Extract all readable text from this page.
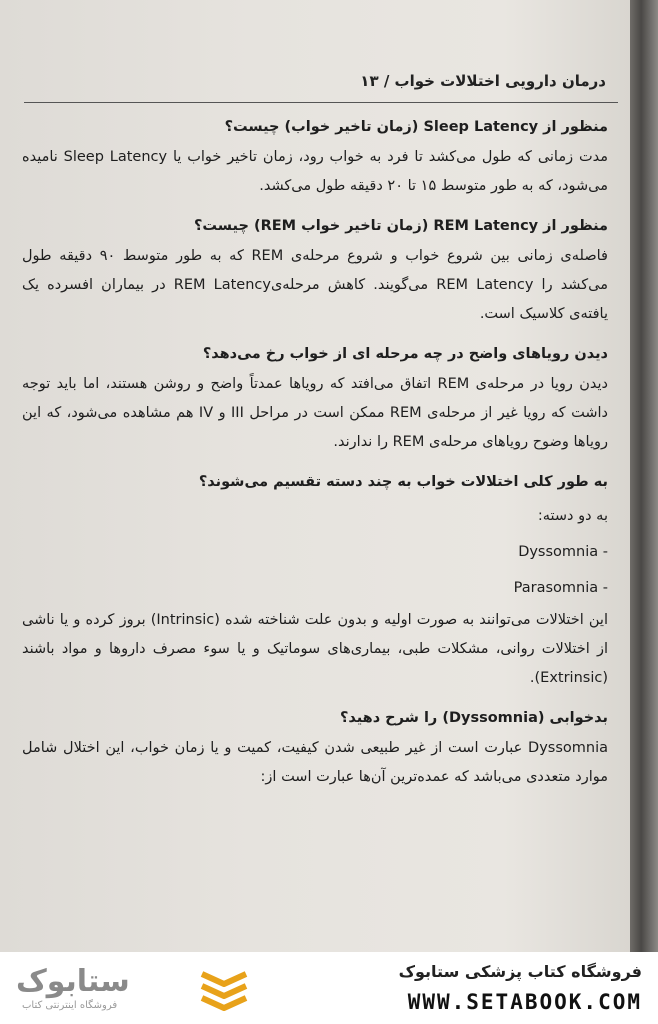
درمان دارویی اختلالات خواب / ۱۳

منظور از Sleep Latency (زمان تاخیر خواب) چیست؟

مدت زمانی که طول می‌کشد تا فرد به خواب رود، زمان تاخیر خواب یا Sleep Latency نامیده می‌شود، که به طور متوسط ۱۵ تا ۲۰ دقیقه طول می‌کشد.

منظور از REM Latency (زمان تاخیر خواب REM) چیست؟

فاصله‌ی زمانی بین شروع خواب و شروع مرحله‌ی REM که به طور متوسط ۹۰ دقیقه طول می‌کشد را REM Latency می‌گویند. کاهش مرحله‌یREM Latency در بیماران افسرده یک یافته‌ی کلاسیک است.

دیدن رویاهای واضح در چه مرحله ای از خواب رخ می‌دهد؟

دیدن رویا در مرحله‌ی REM اتفاق می‌افتد که رویاها عمدتاً واضح و روشن هستند، اما باید توجه داشت که رویا غیر از مرحله‌ی REM ممکن است در مراحل III و IV هم مشاهده می‌شود، که این رویاها وضوح رویاهای مرحله‌ی REM را ندارند.

به طور کلی اختلالات خواب به چند دسته تقسیم می‌شوند؟

به دو دسته:

- Dyssomnia

- Parasomnia

این اختلالات می‌توانند به صورت اولیه و بدون علت شناخته شده (Intrinsic) بروز کرده و یا ناشی از اختلالات روانی، مشکلات طبی، بیماری‌های سوماتیک و یا سوء مصرف داروها و مواد باشند (Extrinsic).

بدخوابی (Dyssomnia) را شرح دهید؟

Dyssomnia عبارت است از غیر طبیعی شدن کیفیت، کمیت و یا زمان خواب، این اختلال شامل موارد متعددی می‌باشد که عمده‌ترین آن‌ها عبارت است از:

ستابوک
فروشگاه اینترنتی کتاب
فروشگاه کتاب پزشکی ستابوک
WWW.SETABOOK.COM
